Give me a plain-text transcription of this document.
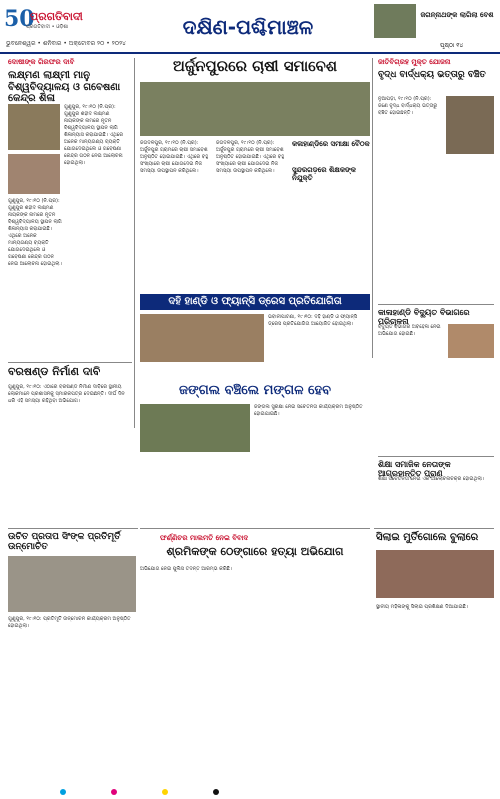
50
ପ୍ରଗତିବାଦୀ
ପ୍ରଗତିବାଦୀ • ଓଡ଼ିଶା
ଭୁବନେଶ୍ୱର • ଶନିବାର • ଅକ୍ଟୋବର ୨୦ • ୨୦୨୪
ଦକ୍ଷିଣ-ପଶ୍ଚିମାଞ୍ଚଳ	ଜଗନ୍ନାଥଙ୍କ ଲାଗିଲା ବେଶ
ପୃଷ୍ଠା ୧୪
ଦୋଷୀଙ୍କ ଗିରଫର ଦାବି
ଲକ୍ଷ୍ମଣ ଲାକ୍ଷ୍ମୀ ମାନୁ ବିଶ୍ୱବିଦ୍ୟାଳୟ ଓ ଗବେଷଣା କେନ୍ଦ୍ର ଶିଳା
ଗୁଣୁପୁର, ୧୯।୧୦ (ନି.ପ୍ର): ଗୁଣୁପୁର ଶହୀଦ ଲକ୍ଷ୍ମଣ ନାୟକଙ୍କ ନାମରେ ନୂତନ ବିଶ୍ୱବିଦ୍ୟାଳୟ ସ୍ଥାପନ ଲାଗି ଶିଳାନ୍ୟାସ କରାଯାଇଛି। ଏଥିରେ ଅନେକ ମାନ୍ୟଗଣ୍ୟ ବ୍ୟକ୍ତି ଯୋଗଦେଇଥିଲେ ଓ ଗବେଷଣା କେନ୍ଦ୍ର ଗଠନ ନେଇ ଆଲୋଚନା ହୋଇଥିଲା।
ଗୁଣୁପୁର, ୧୯।୧୦ (ନି.ପ୍ର): ଗୁଣୁପୁର ଶହୀଦ ଲକ୍ଷ୍ମଣ ନାୟକଙ୍କ ନାମରେ ନୂତନ ବିଶ୍ୱବିଦ୍ୟାଳୟ ସ୍ଥାପନ ଲାଗି ଶିଳାନ୍ୟାସ କରାଯାଇଛି। ଏଥିରେ ଅନେକ ମାନ୍ୟଗଣ୍ୟ ବ୍ୟକ୍ତି ଯୋଗଦେଇଥିଲେ ଓ ଗବେଷଣା କେନ୍ଦ୍ର ଗଠନ ନେଇ ଆଲୋଚନା ହୋଇଥିଲା।
ବରଷଣ୍ଡ ନିର୍ମାଣ ଦାବି
ଗୁଣୁପୁର, ୧୯।୧୦: ଏଠାରେ ବରଷଣ୍ଡ ନିର୍ମାଣ ଦାବିରେ ସ୍ଥାନୀୟ ଲୋକମାନେ ପ୍ରଶାସନକୁ ସ୍ମାରକପତ୍ର ଦେଇଛନ୍ତି। ଦୀର୍ଘ ଦିନ ଧରି ଏହି ସମସ୍ୟା ରହିଥିବା ଅଭିଯୋଗ।
ଅର୍ଜୁନପୁରରେ ଚାଷୀ ସମାବେଶ
ଜଗଦଳପୁର, ୧୯।୧୦ (ନି.ପ୍ର): ଅର୍ଜୁନପୁର ଗ୍ରାମରେ ଚାଷୀ ସମାବେଶ ଅନୁଷ୍ଠିତ ହୋଇଯାଇଛି। ଏଥିରେ ବହୁ ସଂଖ୍ୟାରେ ଚାଷୀ ଯୋଗଦେଇ ନିଜ ସମସ୍ୟା ଉପସ୍ଥାପନ କରିଥିଲେ।
ଜଗଦଳପୁର, ୧୯।୧୦ (ନି.ପ୍ର): ଅର୍ଜୁନପୁର ଗ୍ରାମରେ ଚାଷୀ ସମାବେଶ ଅନୁଷ୍ଠିତ ହୋଇଯାଇଛି। ଏଥିରେ ବହୁ ସଂଖ୍ୟାରେ ଚାଷୀ ଯୋଗଦେଇ ନିଜ ସମସ୍ୟା ଉପସ୍ଥାପନ କରିଥିଲେ।
କଳାହାଣ୍ଡିରେ ସମୀକ୍ଷା ବୈଠକ
ସୁନ୍ଦରଗଡ଼ରେ ଶିକ୍ଷକଙ୍କ ନିଯୁକ୍ତି
ଦହି ହାଣ୍ଡି ଓ ଫ୍ୟାନ୍ସି ଡ୍ରେସ ପ୍ରତିଯୋଗିତା
ଭବାନୀପାଟଣା, ୧୯।୧୦: ଦହି ହାଣ୍ଡି ଓ ଫ୍ୟାନ୍ସି ଡ୍ରେସ ପ୍ରତିଯୋଗିତା ଆୟୋଜିତ ହୋଇଥିଲା।
ଜଙ୍ଗଲ ବଞ୍ଚିଲେ ମଙ୍ଗଳ ହେବ
ଜଙ୍ଗଲ ସୁରକ୍ଷା ନେଇ ସଚେତନତା କାର୍ଯ୍ୟକ୍ରମ ଅନୁଷ୍ଠିତ ହୋଇଯାଇଛି।
ଫର୍ଣ୍ଣିଚର ମାଲମତି ନେଇ ବିବାଦ
ଶ୍ରମିକଙ୍କ ଠେଙ୍ଗାରେ ହତ୍ୟା ଅଭିଯୋଗ
ଅଭିଯୋଗ ନେଇ ପୁଲିସ ତଦନ୍ତ ଆରମ୍ଭ କରିଛି।
ଜାତିବିଗ୍ରହ ମୁକ୍ତ ଯୋଜନା
ବୃଦ୍ଧ ବାର୍ଦ୍ଧକ୍ୟ ଭତ୍ତାରୁ ବଞ୍ଚିତ
ନୁଆପଡ଼ା, ୧୯।୧୦ (ନି.ପ୍ର): ଜଣେ ବୃଦ୍ଧ ବାର୍ଦ୍ଧକ୍ୟ ଭତ୍ତାରୁ ବଞ୍ଚିତ ହୋଇଛନ୍ତି।
କାଳାହାଣ୍ଡି ବିଦ୍ୟୁତ ବିଭାଗରେ ପରିଚାଳନା
ବିଦ୍ୟୁତ ବିଭାଗର ଅବହେଳା ନେଇ ଅଭିଯୋଗ ହୋଇଛି।
ଶିକ୍ଷା ସମାଜିକ ନେତାଙ୍କ ଆଗ୍ରହାନ୍ତିତ ପ୍ରାଣ
ଶିକ୍ଷା ସଚେତନତା ନେଇ ଏକ ଆଲୋଚନାଚକ୍ର ହୋଇଥିଲା।
ସିଲାଇ ମୁର୍ତିଗୋଲେ ବୁଲାରେ
ସ୍ଥାନୀୟ ମହିଳାଙ୍କୁ ସିଲାଇ ପ୍ରଶିକ୍ଷଣ ଦିଆଯାଇଛି।
ଉଚିତ ପ୍ରତାପ ସିଂଙ୍କ ପ୍ରତିମୂର୍ତି ଉନ୍ମୋଚିତ
ଗୁଣୁପୁର, ୧୯।୧୦: ପ୍ରତିମୂର୍ତି ଉନ୍ମୋଚନ କାର୍ଯ୍ୟକ୍ରମ ଅନୁଷ୍ଠିତ ହୋଇଥିଲା।
